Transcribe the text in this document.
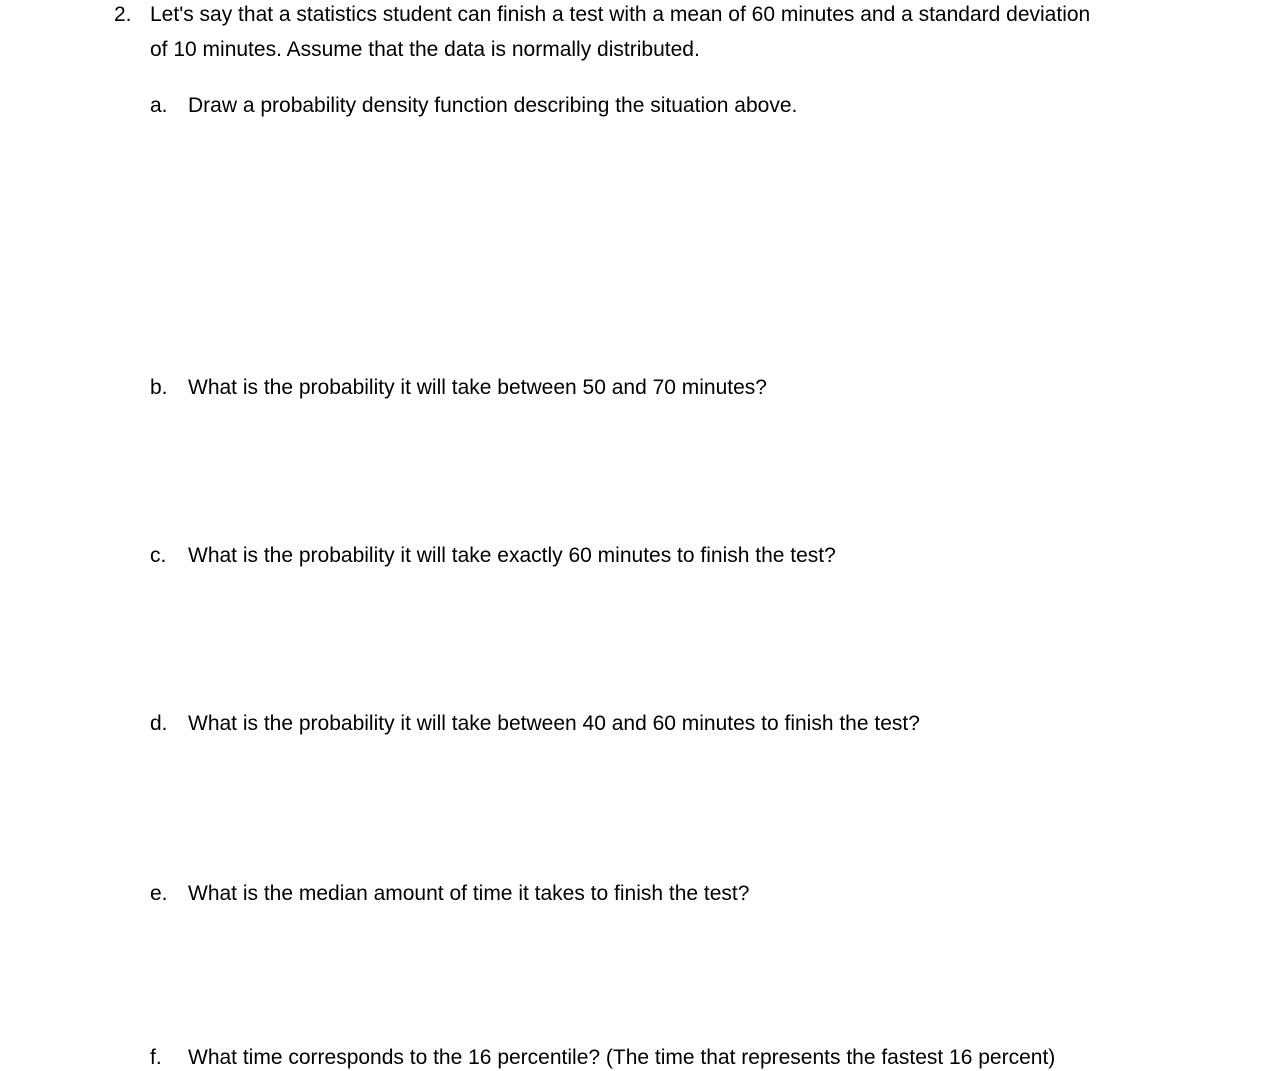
2. Let's say that a statistics student can finish a test with a mean of 60 minutes and a standard deviation
of 10 minutes. Assume that the data is normally distributed.
a. Draw a probability density function describing the situation above.
b. What is the probability it will take between 50 and 70 minutes?
c. What is the probability it will take exactly 60 minutes to finish the test?
d. What is the probability it will take between 40 and 60 minutes to finish the test?
e. What is the median amount of time it takes to finish the test?
f. What time corresponds to the 16 percentile? (The time that represents the fastest 16 percent)
